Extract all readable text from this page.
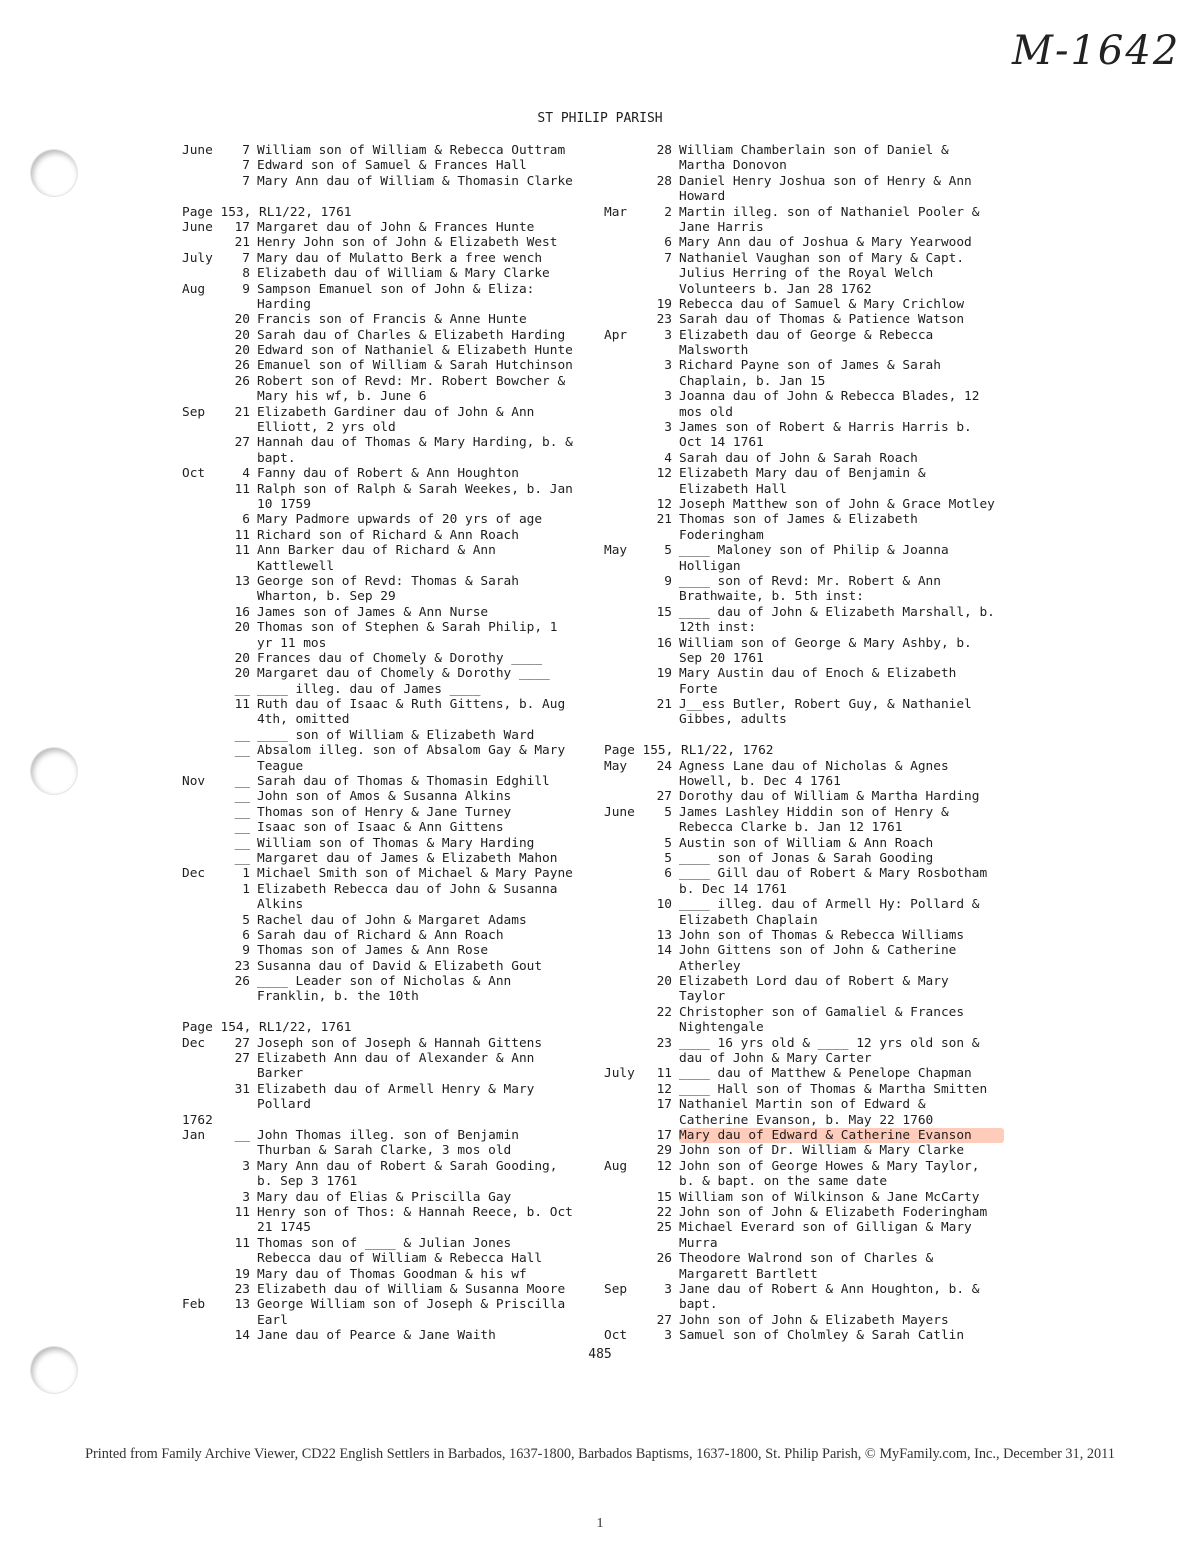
M-1642
ST PHILIP PARISH
June	7 William son of William & Rebecca Outtram
7 Edward son of Samuel & Frances Hall
7 Mary Ann dau of William & Thomasin Clarke
Page 153, RL1/22, 1761
June	17 Margaret dau of John & Frances Hunte
21 Henry John son of John & Elizabeth West
July	7 Mary dau of Mulatto Berk a free wench
8 Elizabeth dau of William & Mary Clarke
Aug	9 Sampson Emanuel son of John & Eliza:
Harding
20 Francis son of Francis & Anne Hunte
20 Sarah dau of Charles & Elizabeth Harding
20 Edward son of Nathaniel & Elizabeth Hunte
26 Emanuel son of William & Sarah Hutchinson
26 Robert son of Revd: Mr. Robert Bowcher &
Mary his wf, b. June 6
Sep	21 Elizabeth Gardiner dau of John & Ann
Elliott, 2 yrs old
27 Hannah dau of Thomas & Mary Harding, b. &
bapt.
Oct	4 Fanny dau of Robert & Ann Houghton
11 Ralph son of Ralph & Sarah Weekes, b. Jan
10 1759
6 Mary Padmore upwards of 20 yrs of age
11 Richard son of Richard & Ann Roach
11 Ann Barker dau of Richard & Ann
Kattlewell
13 George son of Revd: Thomas & Sarah
Wharton, b. Sep 29
16 James son of James & Ann Nurse
20 Thomas son of Stephen & Sarah Philip, 1
yr 11 mos
20 Frances dau of Chomely & Dorothy ____
20 Margaret dau of Chomely & Dorothy ____
__ ____ illeg. dau of James ____
11 Ruth dau of Isaac & Ruth Gittens, b. Aug
4th, omitted
__ ____ son of William & Elizabeth Ward
__ Absalom illeg. son of Absalom Gay & Mary
Teague
Nov	__ Sarah dau of Thomas & Thomasin Edghill
__ John son of Amos & Susanna Alkins
__ Thomas son of Henry & Jane Turney
__ Isaac son of Isaac & Ann Gittens
__ William son of Thomas & Mary Harding
__ Margaret dau of James & Elizabeth Mahon
Dec	1 Michael Smith son of Michael & Mary Payne
1 Elizabeth Rebecca dau of John & Susanna
Alkins
5 Rachel dau of John & Margaret Adams
6 Sarah dau of Richard & Ann Roach
9 Thomas son of James & Ann Rose
23 Susanna dau of David & Elizabeth Gout
26 ____ Leader son of Nicholas & Ann
Franklin, b. the 10th
Page 154, RL1/22, 1761
Dec	27 Joseph son of Joseph & Hannah Gittens
27 Elizabeth Ann dau of Alexander & Ann
Barker
31 Elizabeth dau of Armell Henry & Mary
Pollard
1762
Jan	__ John Thomas illeg. son of Benjamin
Thurban & Sarah Clarke, 3 mos old
3 Mary Ann dau of Robert & Sarah Gooding,
b. Sep 3 1761
3 Mary dau of Elias & Priscilla Gay
11 Henry son of Thos: & Hannah Reece, b. Oct
21 1745
11 Thomas son of ____ & Julian Jones
Rebecca dau of William & Rebecca Hall
19 Mary dau of Thomas Goodman & his wf
23 Elizabeth dau of William & Susanna Moore
Feb	13 George William son of Joseph & Priscilla
Earl
14 Jane dau of Pearce & Jane Waith
28 William Chamberlain son of Daniel &
Martha Donovon
28 Daniel Henry Joshua son of Henry & Ann
Howard
Mar	2 Martin illeg. son of Nathaniel Pooler &
Jane Harris
6 Mary Ann dau of Joshua & Mary Yearwood
7 Nathaniel Vaughan son of Mary & Capt.
Julius Herring of the Royal Welch
Volunteers b. Jan 28 1762
19 Rebecca dau of Samuel & Mary Crichlow
23 Sarah dau of Thomas & Patience Watson
Apr	3 Elizabeth dau of George & Rebecca
Malsworth
3 Richard Payne son of James & Sarah
Chaplain, b. Jan 15
3 Joanna dau of John & Rebecca Blades, 12
mos old
3 James son of Robert & Harris Harris b.
Oct 14 1761
4 Sarah dau of John & Sarah Roach
12 Elizabeth Mary dau of Benjamin &
Elizabeth Hall
12 Joseph Matthew son of John & Grace Motley
21 Thomas son of James & Elizabeth
Foderingham
May	5 ____ Maloney son of Philip & Joanna
Holligan
9 ____ son of Revd: Mr. Robert & Ann
Brathwaite, b. 5th inst:
15 ____ dau of John & Elizabeth Marshall, b.
12th inst:
16 William son of George & Mary Ashby, b.
Sep 20 1761
19 Mary Austin dau of Enoch & Elizabeth
Forte
21 J__ess Butler, Robert Guy, & Nathaniel
Gibbes, adults
Page 155, RL1/22, 1762
May	24 Agness Lane dau of Nicholas & Agnes
Howell, b. Dec 4 1761
27 Dorothy dau of William & Martha Harding
June	5 James Lashley Hiddin son of Henry &
Rebecca Clarke b. Jan 12 1761
5 Austin son of William & Ann Roach
5 ____ son of Jonas & Sarah Gooding
6 ____ Gill dau of Robert & Mary Rosbotham
b. Dec 14 1761
10 ____ illeg. dau of Armell Hy: Pollard &
Elizabeth Chaplain
13 John son of Thomas & Rebecca Williams
14 John Gittens son of John & Catherine
Atherley
20 Elizabeth Lord dau of Robert & Mary
Taylor
22 Christopher son of Gamaliel & Frances
Nightengale
23 ____ 16 yrs old & ____ 12 yrs old son &
dau of John & Mary Carter
July	11 ____ dau of Matthew & Penelope Chapman
12 ____ Hall son of Thomas & Martha Smitten
17 Nathaniel Martin son of Edward &
Catherine Evanson, b. May 22 1760
17 Mary dau of Edward & Catherine Evanson
29 John son of Dr. William & Mary Clarke
Aug	12 John son of George Howes & Mary Taylor,
b. & bapt. on the same date
15 William son of Wilkinson & Jane McCarty
22 John son of John & Elizabeth Foderingham
25 Michael Everard son of Gilligan & Mary
Murra
26 Theodore Walrond son of Charles &
Margarett Bartlett
Sep	3 Jane dau of Robert & Ann Houghton, b. &
bapt.
27 John son of John & Elizabeth Mayers
Oct	3 Samuel son of Cholmley & Sarah Catlin
485
Printed from Family Archive Viewer, CD22 English Settlers in Barbados, 1637-1800, Barbados Baptisms, 1637-1800, St. Philip Parish, © MyFamily.com, Inc., December 31, 2011
1
